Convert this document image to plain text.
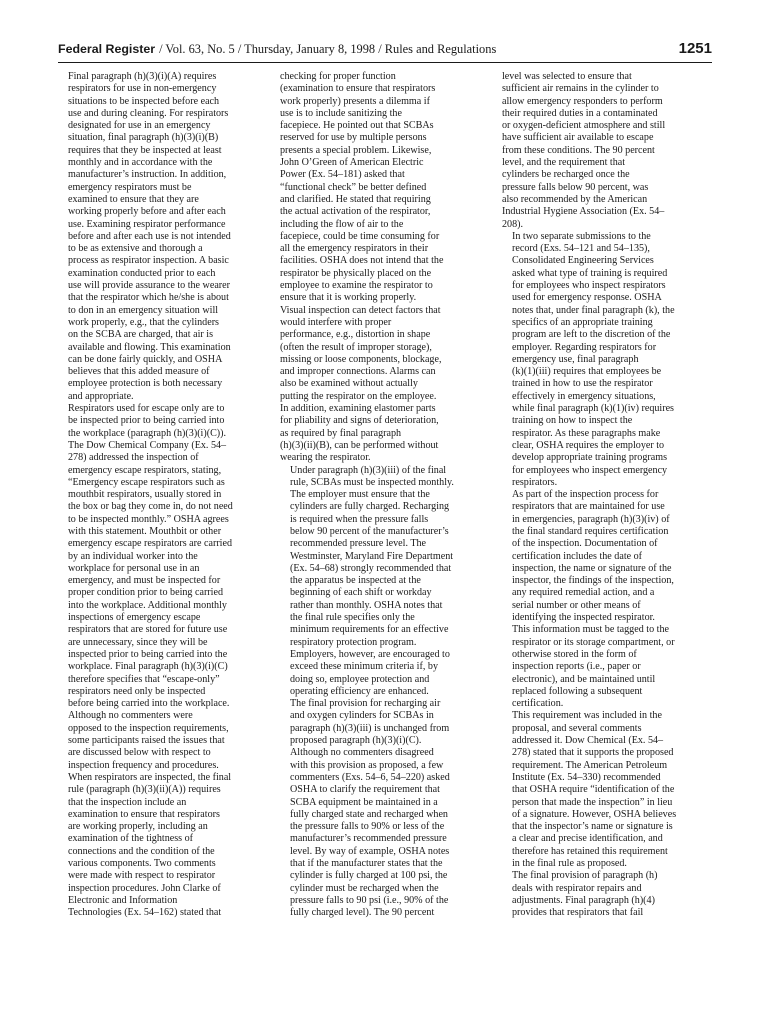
Federal Register / Vol. 63, No. 5 / Thursday, January 8, 1998 / Rules and Regulations	1251

Final paragraph (h)(3)(i)(A) requires
respirators for use in non-emergency
situations to be inspected before each
use and during cleaning. For respirators
designated for use in an emergency
situation, final paragraph (h)(3)(i)(B)
requires that they be inspected at least
monthly and in accordance with the
manufacturer’s instruction. In addition,
emergency respirators must be
examined to ensure that they are
working properly before and after each
use. Examining respirator performance
before and after each use is not intended
to be as extensive and thorough a
process as respirator inspection. A basic
examination conducted prior to each
use will provide assurance to the wearer
that the respirator which he/she is about
to don in an emergency situation will
work properly, e.g., that the cylinders
on the SCBA are charged, that air is
available and flowing. This examination
can be done fairly quickly, and OSHA
believes that this added measure of
employee protection is both necessary
and appropriate.

Respirators used for escape only are to
be inspected prior to being carried into
the workplace (paragraph (h)(3)(i)(C)).
The Dow Chemical Company (Ex. 54–
278) addressed the inspection of
emergency escape respirators, stating,
“Emergency escape respirators such as
mouthbit respirators, usually stored in
the box or bag they come in, do not need
to be inspected monthly.” OSHA agrees
with this statement. Mouthbit or other
emergency escape respirators are carried
by an individual worker into the
workplace for personal use in an
emergency, and must be inspected for
proper condition prior to being carried
into the workplace. Additional monthly
inspections of emergency escape
respirators that are stored for future use
are unnecessary, since they will be
inspected prior to being carried into the
workplace. Final paragraph (h)(3)(i)(C)
therefore specifies that “escape-only”
respirators need only be inspected
before being carried into the workplace.

Although no commenters were
opposed to the inspection requirements,
some participants raised the issues that
are discussed below with respect to
inspection frequency and procedures.
When respirators are inspected, the final
rule (paragraph (h)(3)(ii)(A)) requires
that the inspection include an
examination to ensure that respirators
are working properly, including an
examination of the tightness of
connections and the condition of the
various components. Two comments
were made with respect to respirator
inspection procedures. John Clarke of
Electronic and Information
Technologies (Ex. 54–162) stated that

checking for proper function
(examination to ensure that respirators
work properly) presents a dilemma if
use is to include sanitizing the
facepiece. He pointed out that SCBAs
reserved for use by multiple persons
presents a special problem. Likewise,
John O’Green of American Electric
Power (Ex. 54–181) asked that
“functional check” be better defined
and clarified. He stated that requiring
the actual activation of the respirator,
including the flow of air to the
facepiece, could be time consuming for
all the emergency respirators in their
facilities. OSHA does not intend that the
respirator be physically placed on the
employee to examine the respirator to
ensure that it is working properly.
Visual inspection can detect factors that
would interfere with proper
performance, e.g., distortion in shape
(often the result of improper storage),
missing or loose components, blockage,
and improper connections. Alarms can
also be examined without actually
putting the respirator on the employee.
In addition, examining elastomer parts
for pliability and signs of deterioration,
as required by final paragraph
(h)(3)(ii)(B), can be performed without
wearing the respirator.

Under paragraph (h)(3)(iii) of the final
rule, SCBAs must be inspected monthly.
The employer must ensure that the
cylinders are fully charged. Recharging
is required when the pressure falls
below 90 percent of the manufacturer’s
recommended pressure level. The
Westminster, Maryland Fire Department
(Ex. 54–68) strongly recommended that
the apparatus be inspected at the
beginning of each shift or workday
rather than monthly. OSHA notes that
the final rule specifies only the
minimum requirements for an effective
respiratory protection program.
Employers, however, are encouraged to
exceed these minimum criteria if, by
doing so, employee protection and
operating efficiency are enhanced.

The final provision for recharging air
and oxygen cylinders for SCBAs in
paragraph (h)(3)(iii) is unchanged from
proposed paragraph (h)(3)(i)(C).
Although no commenters disagreed
with this provision as proposed, a few
commenters (Exs. 54–6, 54–220) asked
OSHA to clarify the requirement that
SCBA equipment be maintained in a
fully charged state and recharged when
the pressure falls to 90% or less of the
manufacturer’s recommended pressure
level. By way of example, OSHA notes
that if the manufacturer states that the
cylinder is fully charged at 100 psi, the
cylinder must be recharged when the
pressure falls to 90 psi (i.e., 90% of the
fully charged level). The 90 percent

level was selected to ensure that
sufficient air remains in the cylinder to
allow emergency responders to perform
their required duties in a contaminated
or oxygen-deficient atmosphere and still
have sufficient air available to escape
from these conditions. The 90 percent
level, and the requirement that
cylinders be recharged once the
pressure falls below 90 percent, was
also recommended by the American
Industrial Hygiene Association (Ex. 54–
208).

In two separate submissions to the
record (Exs. 54–121 and 54–135),
Consolidated Engineering Services
asked what type of training is required
for employees who inspect respirators
used for emergency response. OSHA
notes that, under final paragraph (k), the
specifics of an appropriate training
program are left to the discretion of the
employer. Regarding respirators for
emergency use, final paragraph
(k)(1)(iii) requires that employees be
trained in how to use the respirator
effectively in emergency situations,
while final paragraph (k)(1)(iv) requires
training on how to inspect the
respirator. As these paragraphs make
clear, OSHA requires the employer to
develop appropriate training programs
for employees who inspect emergency
respirators.

As part of the inspection process for
respirators that are maintained for use
in emergencies, paragraph (h)(3)(iv) of
the final standard requires certification
of the inspection. Documentation of
certification includes the date of
inspection, the name or signature of the
inspector, the findings of the inspection,
any required remedial action, and a
serial number or other means of
identifying the inspected respirator.
This information must be tagged to the
respirator or its storage compartment, or
otherwise stored in the form of
inspection reports (i.e., paper or
electronic), and be maintained until
replaced following a subsequent
certification.

This requirement was included in the
proposal, and several comments
addressed it. Dow Chemical (Ex. 54–
278) stated that it supports the proposed
requirement. The American Petroleum
Institute (Ex. 54–330) recommended
that OSHA require “identification of the
person that made the inspection” in lieu
of a signature. However, OSHA believes
that the inspector’s name or signature is
a clear and precise identification, and
therefore has retained this requirement
in the final rule as proposed.

The final provision of paragraph (h)
deals with respirator repairs and
adjustments. Final paragraph (h)(4)
provides that respirators that fail
